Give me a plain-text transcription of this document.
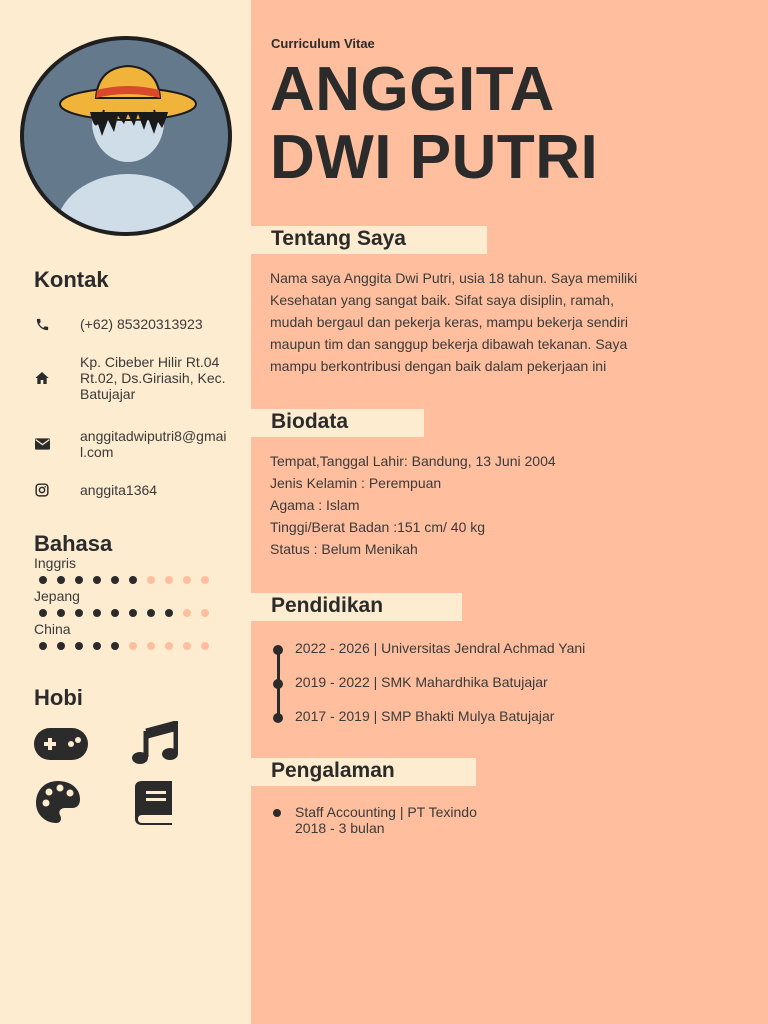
Kontak
(+62) 85320313923
Kp. Cibeber Hilir Rt.04 Rt.02, Ds.Giriasih, Kec.Batujajar
anggitadwiputri8@gmail.com
anggita1364
Bahasa
Inggris
Jepang
China
Hobi
Curriculum Vitae
ANGGITA
DWI PUTRI
Tentang Saya
Nama saya Anggita Dwi Putri, usia 18 tahun. Saya memiliki
Kesehatan yang sangat baik. Sifat saya disiplin, ramah,
mudah bergaul dan pekerja keras, mampu bekerja sendiri
maupun tim dan sanggup bekerja dibawah tekanan. Saya
mampu berkontribusi dengan baik dalam pekerjaan ini
Biodata
Tempat,Tanggal Lahir: Bandung, 13 Juni 2004
Jenis Kelamin : Perempuan
Agama : Islam
Tinggi/Berat Badan :151 cm/ 40 kg
Status : Belum Menikah
Pendidikan
2022 - 2026 | Universitas Jendral Achmad Yani
2019 - 2022 | SMK Mahardhika Batujajar
2017 - 2019 | SMP Bhakti Mulya Batujajar
Pengalaman
Staff Accounting | PT Texindo
2018 - 3 bulan
